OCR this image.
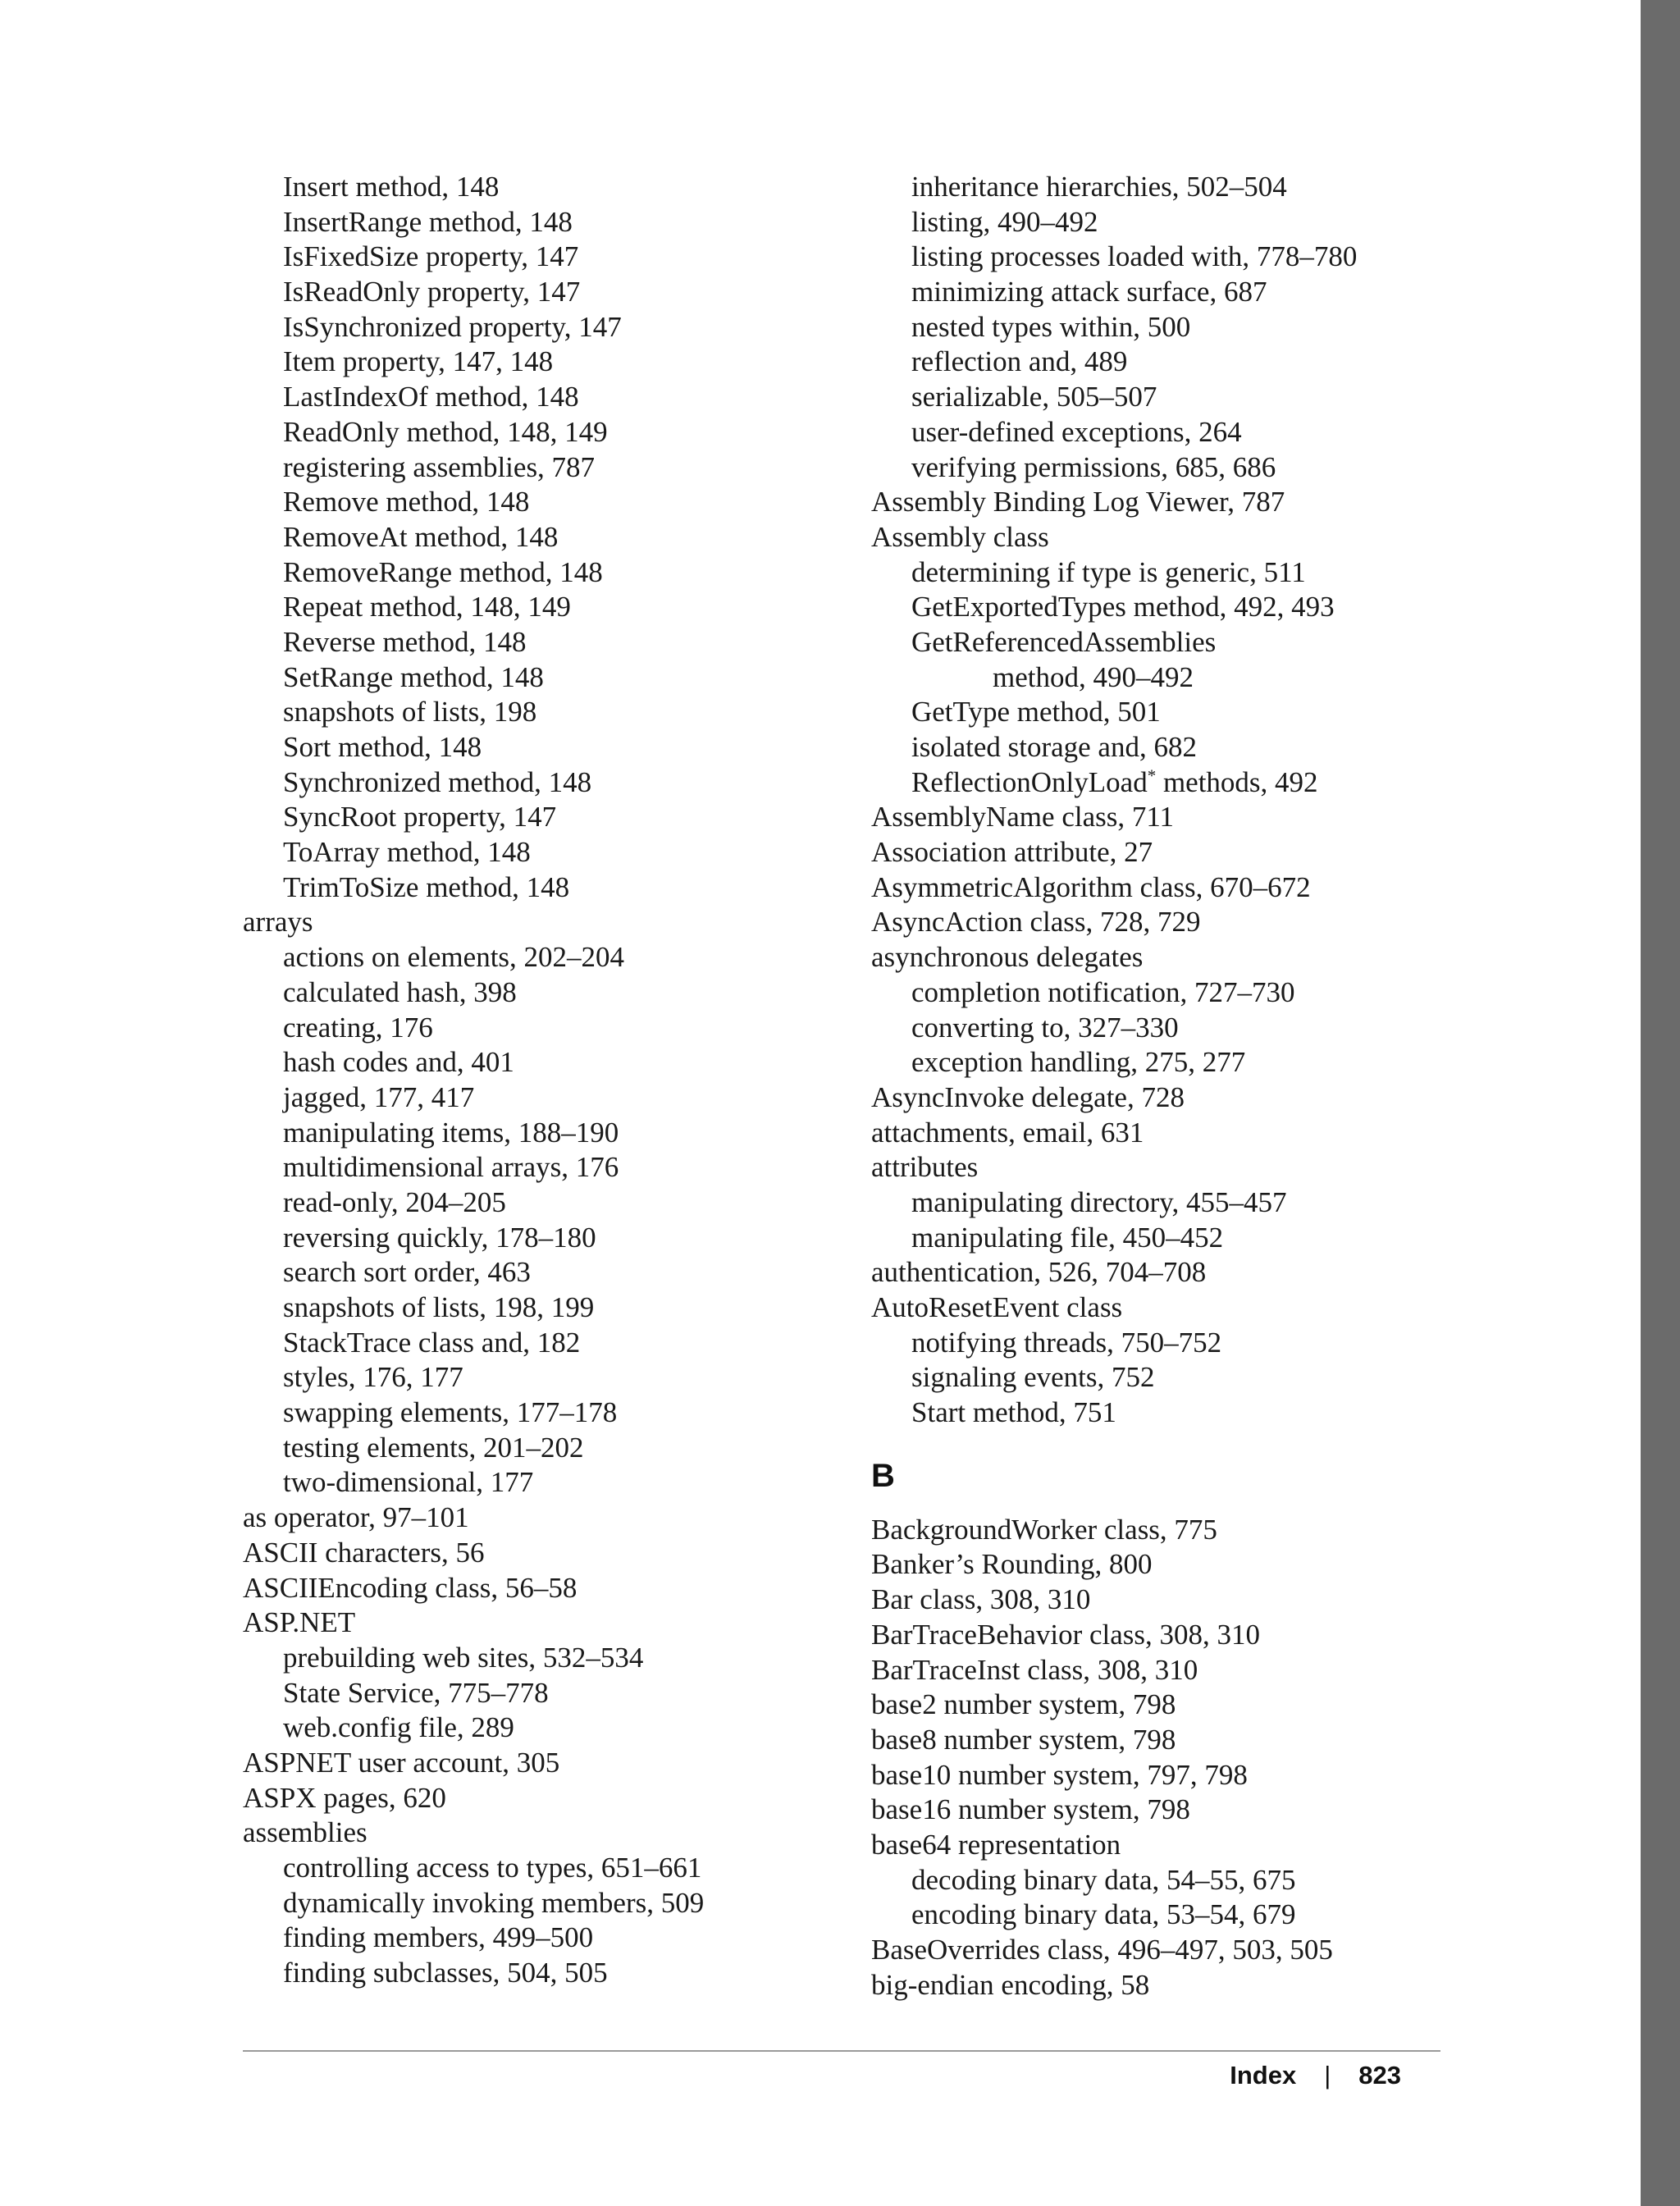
Insert method, 148
InsertRange method, 148
IsFixedSize property, 147
IsReadOnly property, 147
IsSynchronized property, 147
Item property, 147, 148
LastIndexOf method, 148
ReadOnly method, 148, 149
registering assemblies, 787
Remove method, 148
RemoveAt method, 148
RemoveRange method, 148
Repeat method, 148, 149
Reverse method, 148
SetRange method, 148
snapshots of lists, 198
Sort method, 148
Synchronized method, 148
SyncRoot property, 147
ToArray method, 148
TrimToSize method, 148
arrays
actions on elements, 202–204
calculated hash, 398
creating, 176
hash codes and, 401
jagged, 177, 417
manipulating items, 188–190
multidimensional arrays, 176
read-only, 204–205
reversing quickly, 178–180
search sort order, 463
snapshots of lists, 198, 199
StackTrace class and, 182
styles, 176, 177
swapping elements, 177–178
testing elements, 201–202
two-dimensional, 177
as operator, 97–101
ASCII characters, 56
ASCIIEncoding class, 56–58
ASP.NET
prebuilding web sites, 532–534
State Service, 775–778
web.config file, 289
ASPNET user account, 305
ASPX pages, 620
assemblies
controlling access to types, 651–661
dynamically invoking members, 509
finding members, 499–500
finding subclasses, 504, 505
inheritance hierarchies, 502–504
listing, 490–492
listing processes loaded with, 778–780
minimizing attack surface, 687
nested types within, 500
reflection and, 489
serializable, 505–507
user-defined exceptions, 264
verifying permissions, 685, 686
Assembly Binding Log Viewer, 787
Assembly class
determining if type is generic, 511
GetExportedTypes method, 492, 493
GetReferencedAssemblies
method, 490–492
GetType method, 501
isolated storage and, 682
ReflectionOnlyLoad* methods, 492
AssemblyName class, 711
Association attribute, 27
AsymmetricAlgorithm class, 670–672
AsyncAction class, 728, 729
asynchronous delegates
completion notification, 727–730
converting to, 327–330
exception handling, 275, 277
AsyncInvoke delegate, 728
attachments, email, 631
attributes
manipulating directory, 455–457
manipulating file, 450–452
authentication, 526, 704–708
AutoResetEvent class
notifying threads, 750–752
signaling events, 752
Start method, 751
B
BackgroundWorker class, 775
Banker’s Rounding, 800
Bar class, 308, 310
BarTraceBehavior class, 308, 310
BarTraceInst class, 308, 310
base2 number system, 798
base8 number system, 798
base10 number system, 797, 798
base16 number system, 798
base64 representation
decoding binary data, 54–55, 675
encoding binary data, 53–54, 679
BaseOverrides class, 496–497, 503, 505
big-endian encoding, 58
Index | 823
